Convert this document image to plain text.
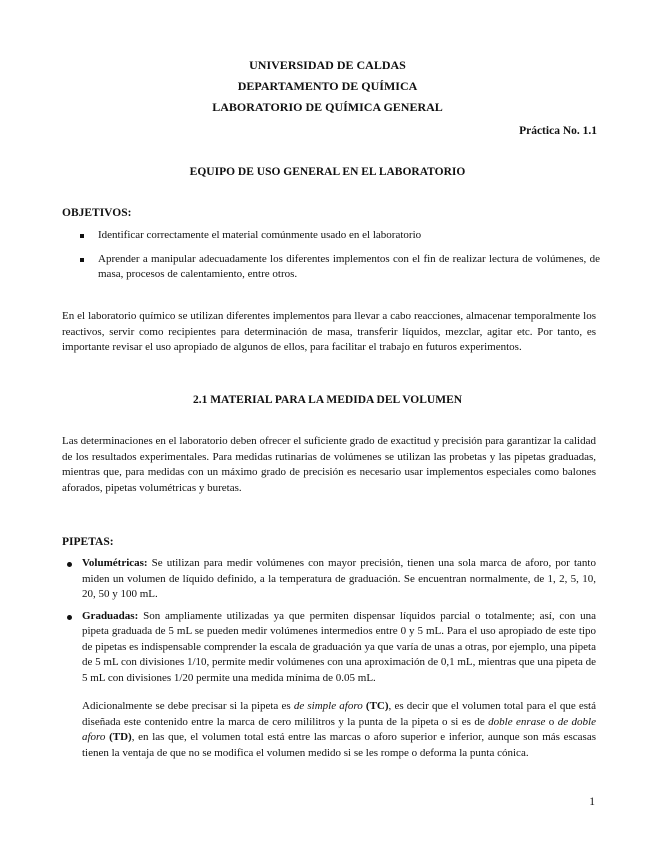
UNIVERSIDAD DE CALDAS
DEPARTAMENTO DE QUÍMICA
LABORATORIO DE QUÍMICA GENERAL
Práctica No. 1.1
EQUIPO DE USO GENERAL EN EL LABORATORIO
OBJETIVOS:
Identificar correctamente el material comúnmente usado en el laboratorio
Aprender a manipular adecuadamente los diferentes implementos con el fin de realizar lectura de volúmenes, de masa, procesos de calentamiento, entre otros.

En el laboratorio químico se utilizan diferentes implementos para llevar a cabo reacciones, almacenar temporalmente los reactivos, servir como recipientes para determinación de masa, transferir líquidos, mezclar, agitar etc. Por tanto, es importante revisar el uso apropiado de algunos de ellos, para facilitar el trabajo en futuros experimentos.

2.1 MATERIAL PARA LA MEDIDA DEL VOLUMEN

Las determinaciones en el laboratorio deben ofrecer el suficiente grado de exactitud y precisión para garantizar la calidad de los resultados experimentales. Para medidas rutinarias de volúmenes se utilizan las probetas y las pipetas graduadas, mientras que, para medidas con un máximo grado de precisión es necesario usar implementos especiales como balones aforados, pipetas volumétricas y buretas.

PIPETAS:
Volumétricas: Se utilizan para medir volúmenes con mayor precisión, tienen una sola marca de aforo, por tanto miden un volumen de líquido definido, a la temperatura de graduación. Se encuentran normalmente, de 1, 2, 5, 10, 20, 50 y 100 mL.
Graduadas: Son ampliamente utilizadas ya que permiten dispensar líquidos parcial o totalmente; así, con una pipeta graduada de 5 mL se pueden medir volúmenes intermedios entre 0 y 5 mL. Para el uso apropiado de este tipo de pipetas es indispensable comprender la escala de graduación ya que varía de unas a otras, por ejemplo, una pipeta de 5 mL con divisiones 1/10, permite medir volúmenes con una aproximación de 0,1 mL, mientras que una pipeta de 5 mL con divisiones 1/20 permite una medida mínima de 0.05 mL.

Adicionalmente se debe precisar si la pipeta es de simple aforo (TC), es decir que el volumen total para el que está diseñada este contenido entre la marca de cero mililitros y la punta de la pipeta o si es de doble enrase o de doble aforo (TD), en las que, el volumen total está entre las marcas o aforo superior e inferior, aunque son más escasas tienen la ventaja de que no se modifica el volumen medido si se les rompe o deforma la punta cónica.

1
